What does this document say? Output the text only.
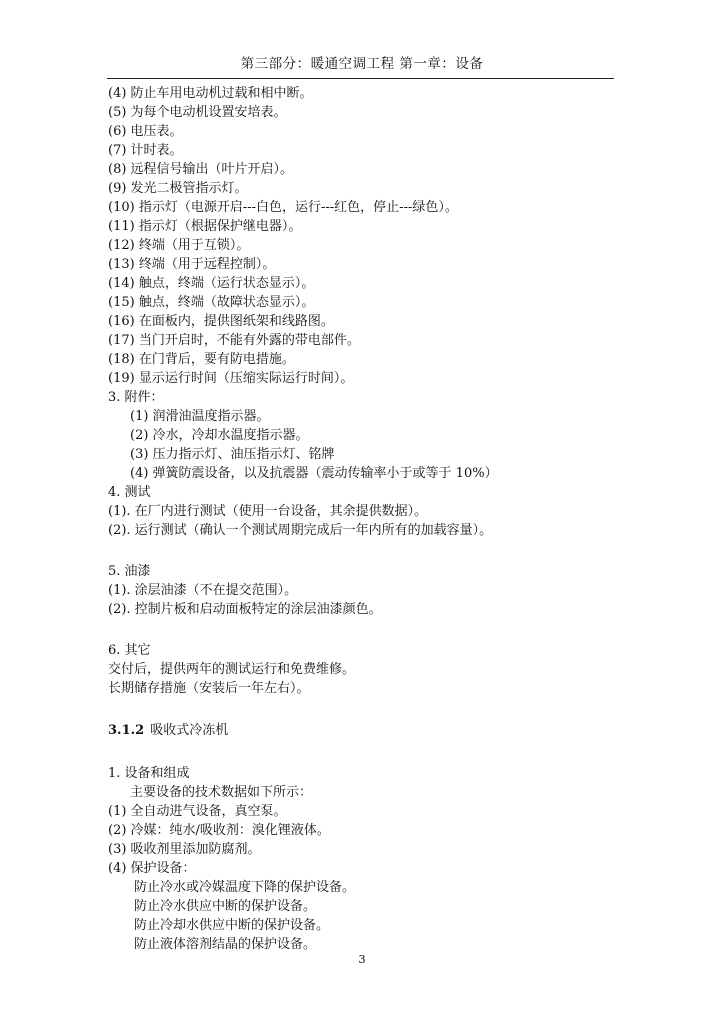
第三部分：暖通空调工程 第一章：设备
(4) 防止车用电动机过载和相中断。
(5) 为每个电动机设置安培表。
(6) 电压表。
(7) 计时表。
(8) 远程信号输出（叶片开启）。
(9) 发光二极管指示灯。
(10) 指示灯（电源开启---白色，运行---红色，停止---绿色）。
(11) 指示灯（根据保护继电器）。
(12) 终端（用于互锁）。
(13) 终端（用于远程控制）。
(14) 触点，终端（运行状态显示）。
(15) 触点，终端（故障状态显示）。
(16) 在面板内，提供图纸架和线路图。
(17) 当门开启时，不能有外露的带电部件。
(18) 在门背后，要有防电措施。
(19) 显示运行时间（压缩实际运行时间）。
3. 附件：
(1) 润滑油温度指示器。
(2) 冷水，冷却水温度指示器。
(3) 压力指示灯、油压指示灯、铭牌
(4) 弹簧防震设备，以及抗震器（震动传输率小于或等于 10%）
4. 测试
(1). 在厂内进行测试（使用一台设备，其余提供数据）。
(2). 运行测试（确认一个测试周期完成后一年内所有的加载容量）。
5. 油漆
(1). 涂层油漆（不在提交范围）。
(2). 控制片板和启动面板特定的涂层油漆颜色。
6. 其它
交付后，提供两年的测试运行和免费维修。
长期储存措施（安装后一年左右）。
3.1.2 吸收式冷冻机
1. 设备和组成
主要设备的技术数据如下所示：
(1) 全自动进气设备，真空泵。
(2) 冷媒：纯水/吸收剂：溴化锂液体。
(3) 吸收剂里添加防腐剂。
(4) 保护设备：
防止冷水或冷媒温度下降的保护设备。
防止冷水供应中断的保护设备。
防止冷却水供应中断的保护设备。
防止液体溶剂结晶的保护设备。
3
